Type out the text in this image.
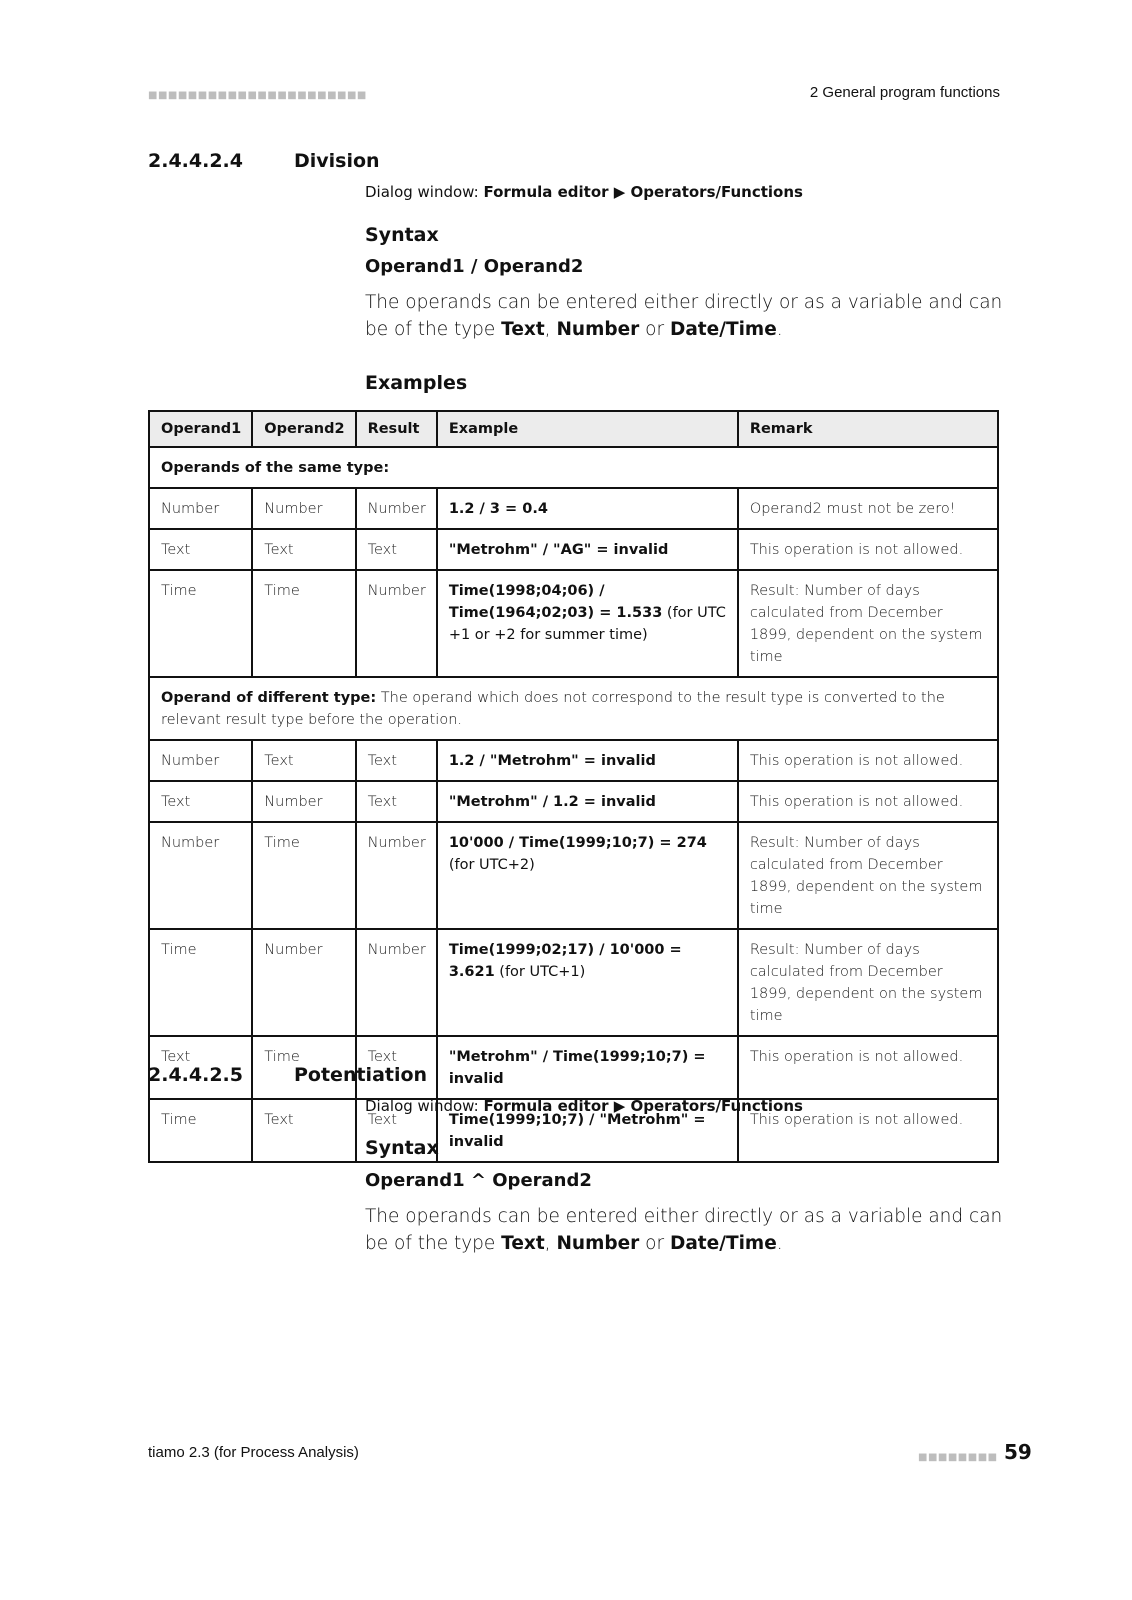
■■■■■■■■■■■■■■■■■■■■■■	2 General program functions
2.4.4.2.4	Division
Dialog window: Formula editor ▶ Operators/Functions
Syntax
Operand1 / Operand2
The operands can be entered either directly or as a variable and can be of the type Text, Number or Date/Time.
Examples
Operand1	Operand2	Result	Example	Remark
Operands of the same type:				
Number	Number	Number	1.2 / 3 = 0.4	Operand2 must not be zero!
Text	Text	Text	"Metrohm" / "AG" = invalid	This operation is not allowed.
Time	Time	Number	Time(1998;04;06) / Time(1964;02;03) = 1.533 (for UTC +1 or +2 for summer time)	Result: Number of days calculated from December 1899, dependent on the system time
Operand of different type: The operand which does not correspond to the result type is converted to the relevant result type before the operation.				
Number	Text	Text	1.2 / "Metrohm" = invalid	This operation is not allowed.
Text	Number	Text	"Metrohm" / 1.2 = invalid	This operation is not allowed.
Number	Time	Number	10'000 / Time(1999;10;7) = 274 (for UTC+2)	Result: Number of days calculated from December 1899, dependent on the system time
Time	Number	Number	Time(1999;02;17) / 10'000 = 3.621 (for UTC+1)	Result: Number of days calculated from December 1899, dependent on the system time
Text	Time	Text	"Metrohm" / Time(1999;10;7) = invalid	This operation is not allowed.
Time	Text	Text	Time(1999;10;7) / "Metrohm" = invalid	This operation is not allowed.
2.4.4.2.5	Potentiation
Dialog window: Formula editor ▶ Operators/Functions
Syntax
Operand1 ^ Operand2
The operands can be entered either directly or as a variable and can be of the type Text, Number or Date/Time.
tiamo 2.3 (for Process Analysis)	■■■■■■■■ 59
